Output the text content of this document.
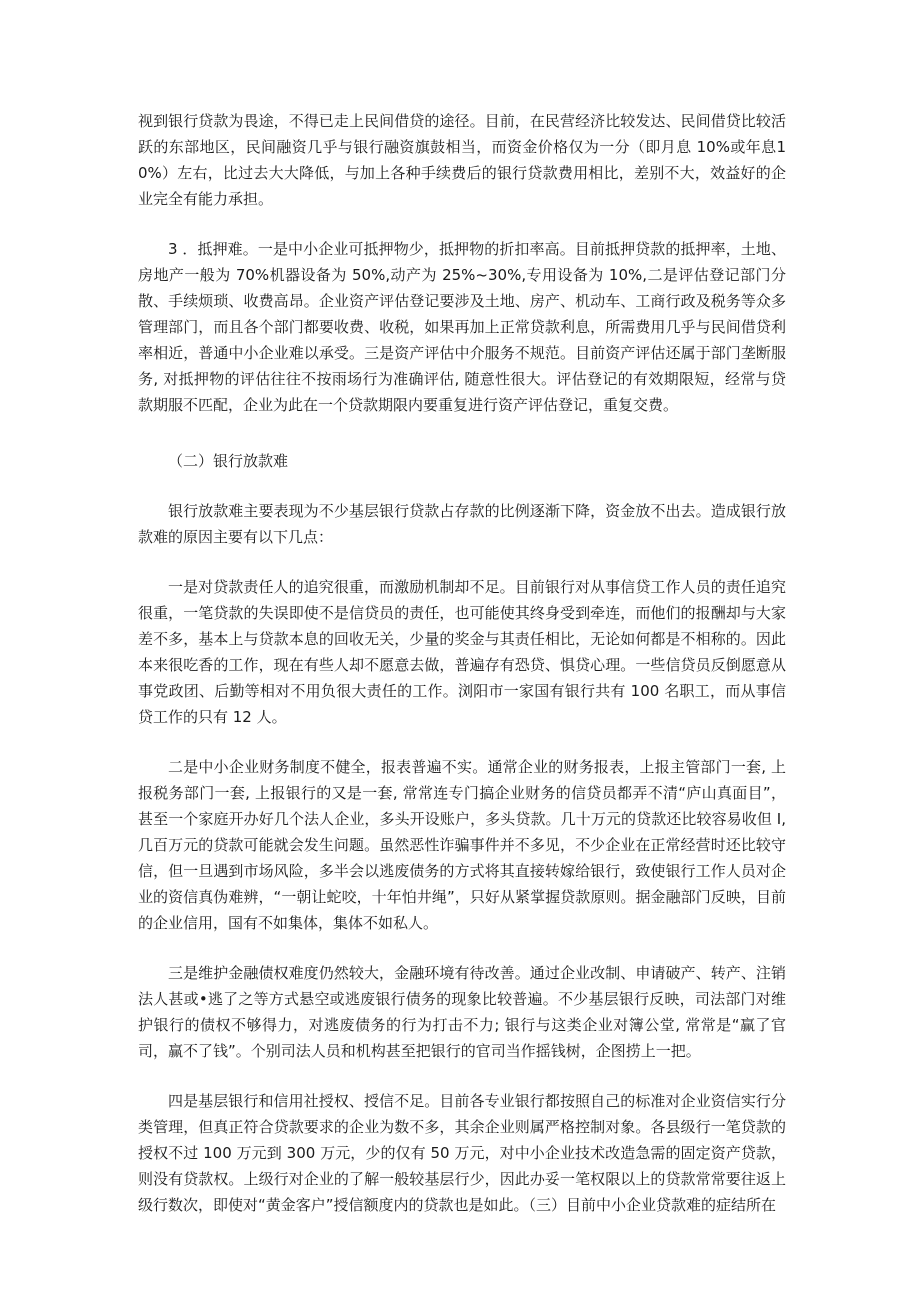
视到银行贷款为畏途，不得已走上民间借贷的途径。目前，在民营经济比较发达、民间借贷比较活跃的东部地区，民间融资几乎与银行融资旗鼓相当，而资金价格仅为一分（即月息 10%或年息10%）左右，比过去大大降低，与加上各种手续费后的银行贷款费用相比，差别不大，效益好的企业完全有能力承担。

3 ．抵押难。一是中小企业可抵押物少，抵押物的折扣率高。目前抵押贷款的抵押率，土地、房地产一般为 70%机器设备为 50%,动产为 25%~30%,专用设备为 10%,二是评估登记部门分散、手续烦琐、收费高昂。企业资产评估登记要涉及土地、房产、机动车、工商行政及税务等众多管理部门，而且各个部门都要收费、收税，如果再加上正常贷款利息，所需费用几乎与民间借贷利率相近，普通中小企业难以承受。三是资产评估中介服务不规范。目前资产评估还属于部门垄断服务, 对抵押物的评估往往不按雨场行为准确评估, 随意性很大。评估登记的有效期限短，经常与贷款期服不匹配，企业为此在一个贷款期限内要重复进行资产评估登记，重复交费。

（二）银行放款难

银行放款难主要表现为不少基层银行贷款占存款的比例逐渐下降，资金放不出去。造成银行放款难的原因主要有以下几点：

一是对贷款责任人的追究很重，而激励机制却不足。目前银行对从事信贷工作人员的责任追究很重，一笔贷款的失误即使不是信贷员的责任，也可能使其终身受到牵连，而他们的报酬却与大家差不多，基本上与贷款本息的回收无关，少量的奖金与其责任相比，无论如何都是不相称的。因此本来很吃香的工作，现在有些人却不愿意去做，普遍存有恐贷、惧贷心理。一些信贷员反倒愿意从事党政团、后勤等相对不用负很大责任的工作。浏阳市一家国有银行共有 100 名职工，而从事信贷工作的只有 12 人。

二是中小企业财务制度不健全，报表普遍不实。通常企业的财务报表，上报主管部门一套, 上报税务部门一套, 上报银行的又是一套, 常常连专门搞企业财务的信贷员都弄不清“庐山真面目”，甚至一个家庭开办好几个法人企业，多头开设账户，多头贷款。几十万元的贷款还比较容易收但 I,几百万元的贷款可能就会发生问题。虽然恶性诈骗事件并不多见，不少企业在正常经营时还比较守信，但一旦遇到市场风险，多半会以逃废债务的方式将其直接转嫁给银行，致使银行工作人员对企业的资信真伪难辨，“一朝让蛇咬，十年怕井绳”，只好从紧掌握贷款原则。据金融部门反映，目前的企业信用，国有不如集体，集体不如私人。

三是维护金融债权难度仍然较大，金融环境有待改善。通过企业改制、申请破产、转产、注销法人甚或•逃了之等方式悬空或逃废银行债务的现象比较普遍。不少基层银行反映，司法部门对维护银行的债权不够得力，对逃废债务的行为打击不力; 银行与这类企业对簿公堂, 常常是“赢了官司，赢不了钱”。个别司法人员和机构甚至把银行的官司当作摇钱树，企图捞上一把。

四是基层银行和信用社授权、授信不足。目前各专业银行都按照自己的标准对企业资信实行分类管理，但真正符合贷款要求的企业为数不多，其余企业则属严格控制对象。各县级行一笔贷款的授权不过 100 万元到 300 万元，少的仅有 50 万元，对中小企业技术改造急需的固定资产贷款，则没有贷款权。上级行对企业的了解一般较基层行少，因此办妥一笔权限以上的贷款常常要往返上级行数次，即使对“黄金客户”授信额度内的贷款也是如此。（三）目前中小企业贷款难的症结所在
